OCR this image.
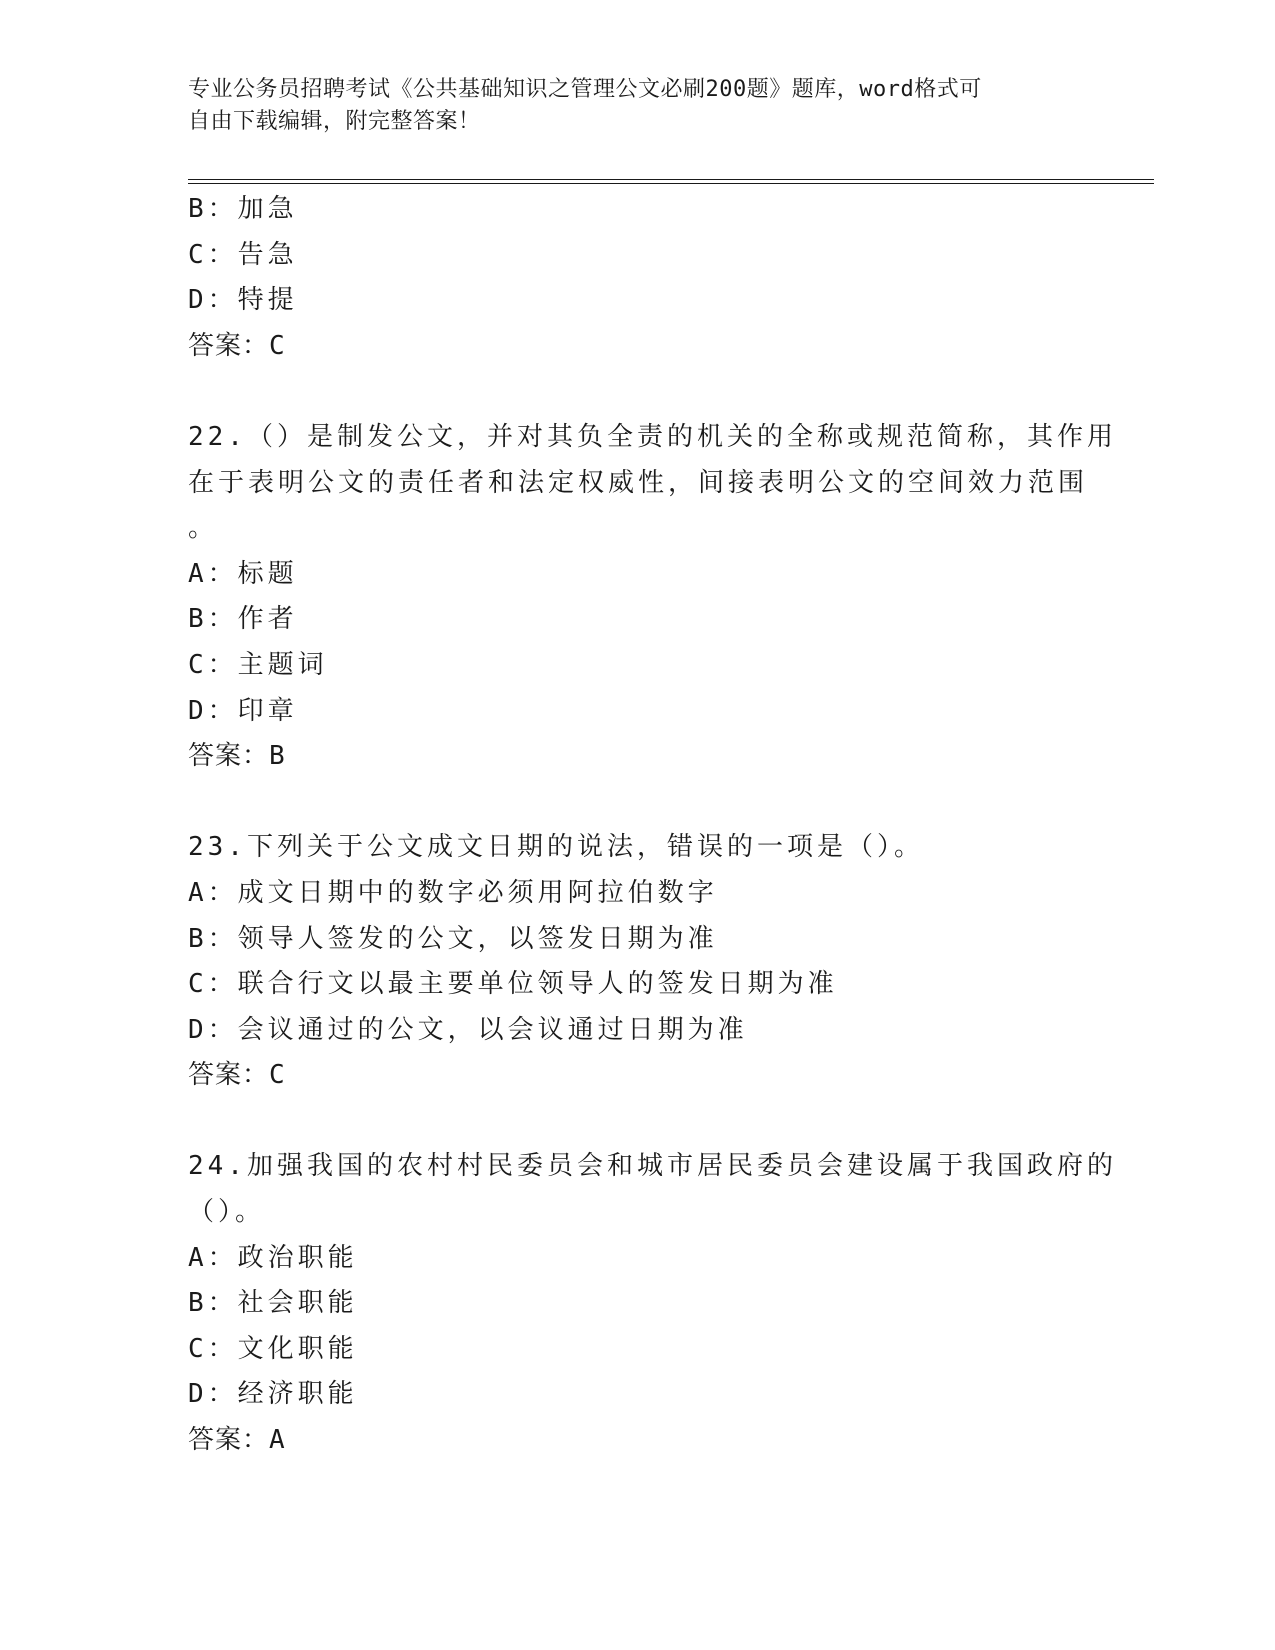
专业公务员招聘考试《公共基础知识之管理公文必刷200题》题库，word格式可
自由下载编辑，附完整答案！
B：加急
C：告急
D：特提
答案：C
22.（）是制发公文，并对其负全责的机关的全称或规范简称，其作用
在于表明公文的责任者和法定权威性，间接表明公文的空间效力范围
。
A：标题
B：作者
C：主题词
D：印章
答案：B
23.下列关于公文成文日期的说法，错误的一项是（）。
A：成文日期中的数字必须用阿拉伯数字
B：领导人签发的公文，以签发日期为准
C：联合行文以最主要单位领导人的签发日期为准
D：会议通过的公文，以会议通过日期为准
答案：C
24.加强我国的农村村民委员会和城市居民委员会建设属于我国政府的
（）。
A：政治职能
B：社会职能
C：文化职能
D：经济职能
答案：A
